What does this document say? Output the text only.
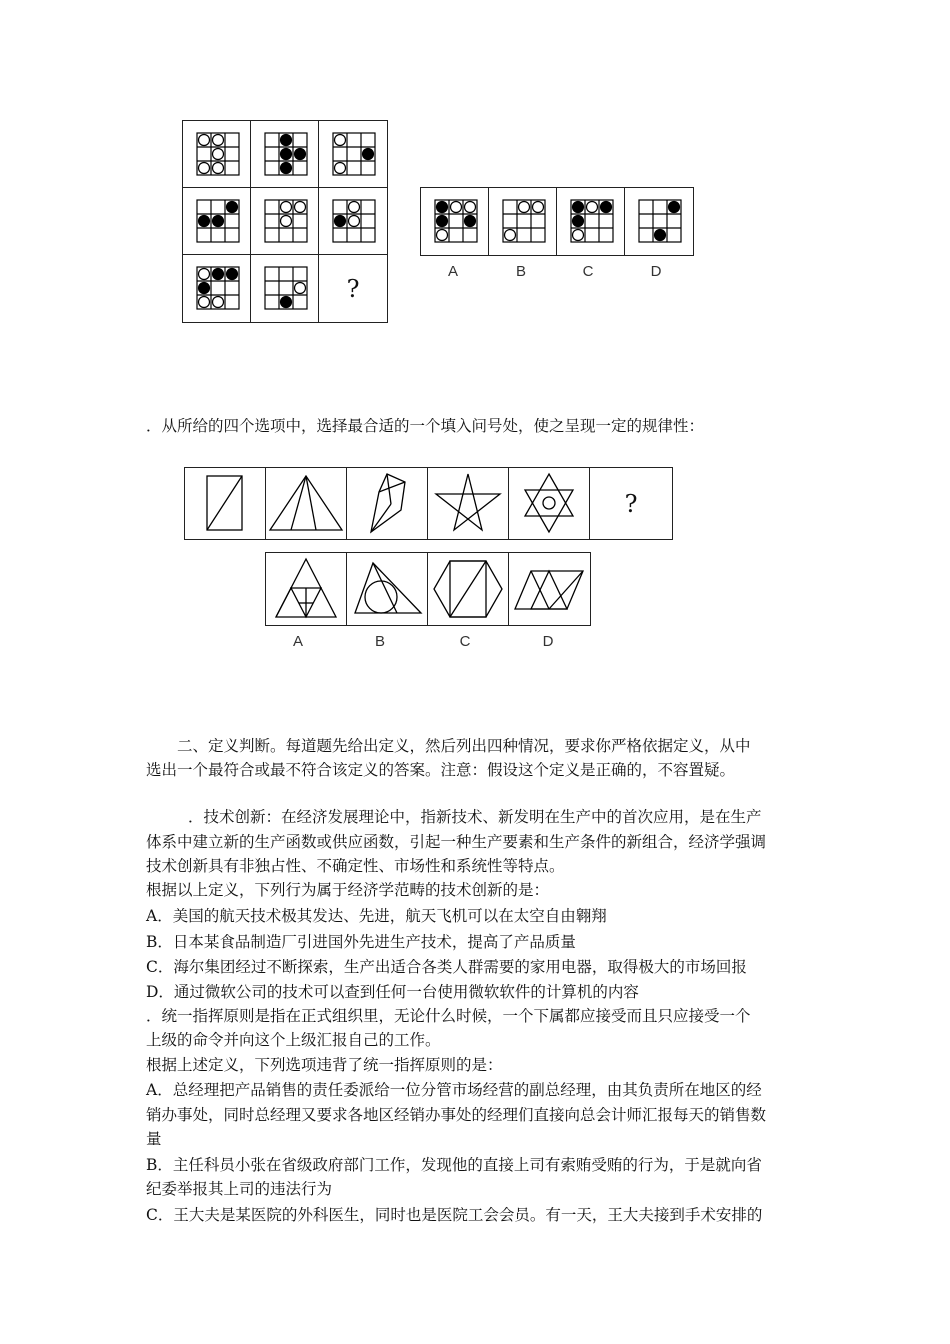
?
A	B	C	D
．从所给的四个选项中，选择最合适的一个填入问号处，使之呈现一定的规律性：
?
A	B	C	D
二、定义判断。每道题先给出定义，然后列出四种情况，要求你严格依据定义，从中
选出一个最符合或最不符合该定义的答案。注意：假设这个定义是正确的，不容置疑。
．技术创新：在经济发展理论中，指新技术、新发明在生产中的首次应用，是在生产
体系中建立新的生产函数或供应函数，引起一种生产要素和生产条件的新组合，经济学强调
技术创新具有非独占性、不确定性、市场性和系统性等特点。
根据以上定义，下列行为属于经济学范畴的技术创新的是：
A．美国的航天技术极其发达、先进，航天飞机可以在太空自由翱翔
B．日本某食品制造厂引进国外先进生产技术，提高了产品质量
C．海尔集团经过不断探索，生产出适合各类人群需要的家用电器，取得极大的市场回报
D．通过微软公司的技术可以查到任何一台使用微软软件的计算机的内容
．统一指挥原则是指在正式组织里，无论什么时候，一个下属都应接受而且只应接受一个
上级的命令并向这个上级汇报自己的工作。
根据上述定义，下列选项违背了统一指挥原则的是：
A．总经理把产品销售的责任委派给一位分管市场经营的副总经理，由其负责所在地区的经
销办事处，同时总经理又要求各地区经销办事处的经理们直接向总会计师汇报每天的销售数
量
B．主任科员小张在省级政府部门工作，发现他的直接上司有索贿受贿的行为，于是就向省
纪委举报其上司的违法行为
C．王大夫是某医院的外科医生，同时也是医院工会会员。有一天，王大夫接到手术安排的
